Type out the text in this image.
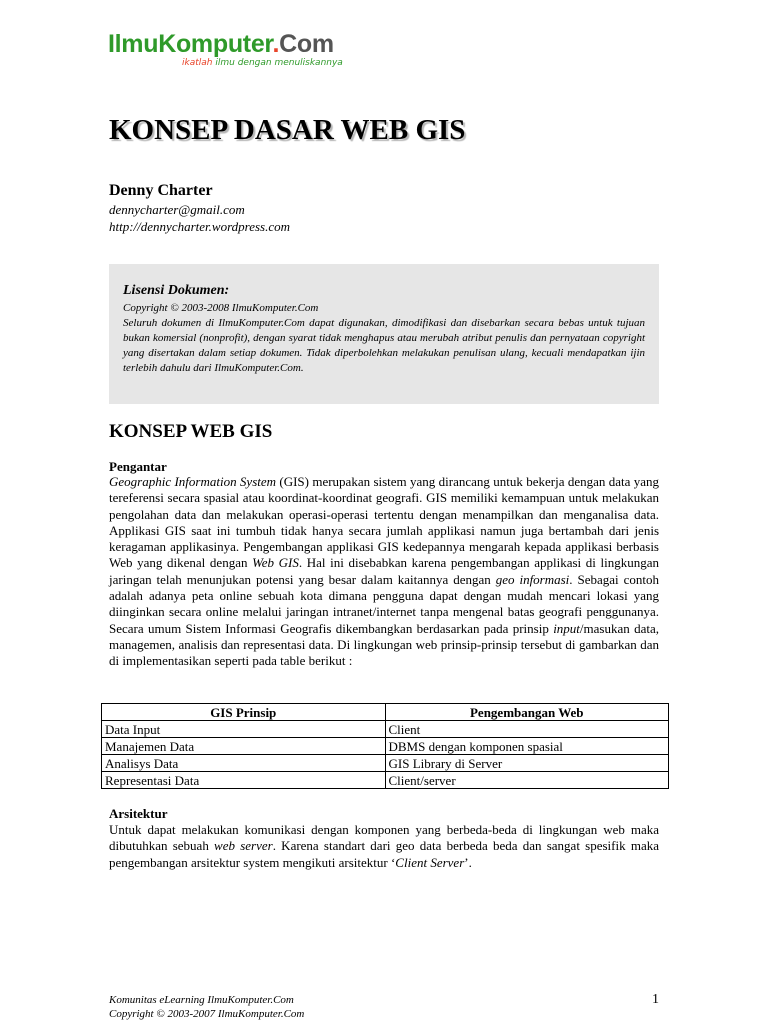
IlmuKomputer.Com
ikatlah ilmu dengan menuliskannya
KONSEP DASAR WEB GIS
Denny Charter
dennycharter@gmail.com
http://dennycharter.wordpress.com
Lisensi Dokumen:
Copyright © 2003-2008 IlmuKomputer.Com
Seluruh dokumen di IlmuKomputer.Com dapat digunakan, dimodifikasi dan disebarkan secara bebas untuk tujuan bukan komersial (nonprofit), dengan syarat tidak menghapus atau merubah atribut penulis dan pernyataan copyright yang disertakan dalam setiap dokumen. Tidak diperbolehkan melakukan penulisan ulang, kecuali mendapatkan ijin terlebih dahulu dari IlmuKomputer.Com.
KONSEP WEB GIS
Pengantar

Geographic Information System (GIS) merupakan sistem yang dirancang untuk bekerja dengan data yang tereferensi secara spasial atau koordinat-koordinat geografi. GIS memiliki kemampuan untuk melakukan pengolahan data dan melakukan operasi-operasi tertentu dengan menampilkan dan menganalisa data. Applikasi GIS saat ini tumbuh tidak hanya secara jumlah applikasi namun juga bertambah dari jenis keragaman applikasinya. Pengembangan applikasi GIS kedepannya mengarah kepada applikasi berbasis Web yang dikenal dengan Web GIS. Hal ini disebabkan karena pengembangan applikasi di lingkungan jaringan telah menunjukan potensi yang besar dalam kaitannya dengan geo informasi. Sebagai contoh adalah adanya peta online sebuah kota dimana pengguna dapat dengan mudah mencari lokasi yang diinginkan secara online melalui jaringan intranet/internet tanpa mengenal batas geografi penggunanya. Secara umum Sistem Informasi Geografis dikembangkan berdasarkan pada prinsip input/masukan data, managemen, analisis dan representasi data. Di lingkungan web prinsip-prinsip tersebut di gambarkan dan di implementasikan seperti pada table berikut :

GIS Prinsip	Pengembangan Web
Data Input	Client
Manajemen Data	DBMS dengan komponen spasial
Analisys Data	GIS Library di Server
Representasi Data	Client/server
Arsitektur

Untuk dapat melakukan komunikasi dengan komponen yang berbeda-beda di lingkungan web maka dibutuhkan sebuah web server. Karena standart dari geo data berbeda beda dan sangat spesifik maka pengembangan arsitektur system mengikuti arsitektur ‘Client Server’.

Komunitas eLearning IlmuKomputer.Com
Copyright © 2003-2007 IlmuKomputer.Com
1
